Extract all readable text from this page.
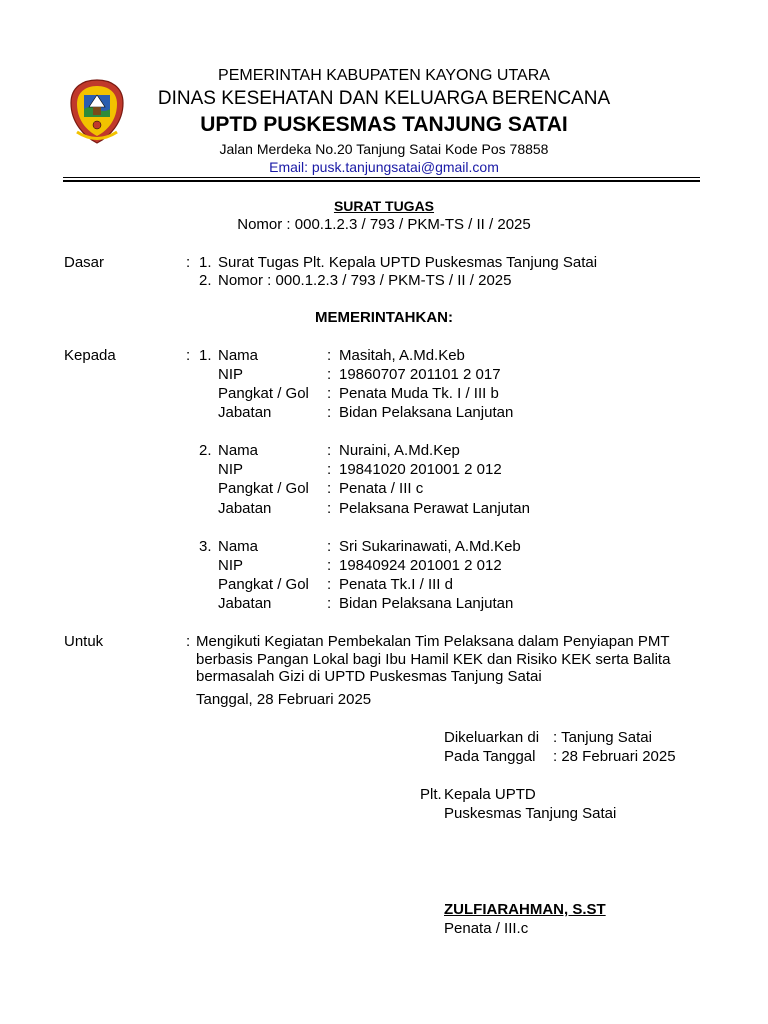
PEMERINTAH KABUPATEN KAYONG UTARA
DINAS KESEHATAN DAN KELUARGA BERENCANA
UPTD PUSKESMAS TANJUNG SATAI
Jalan Merdeka No.20 Tanjung Satai Kode Pos 78858
Email: pusk.tanjungsatai@gmail.com
SURAT TUGAS
Nomor : 000.1.2.3 / 793 / PKM-TS / II / 2025
Dasar	: 1. Surat Tugas Plt. Kepala UPTD Puskesmas Tanjung Satai
2. Nomor : 000.1.2.3 / 793 / PKM-TS / II / 2025
MEMERINTAHKAN:
Kepada	: 1. Nama	: Masitah, A.Md.Keb
NIP	: 19860707 201101 2 017
Pangkat / Gol : Penata Muda Tk. I / III b
Jabatan	: Bidan Pelaksana Lanjutan
2. Nama	: Nuraini, A.Md.Kep
NIP	: 19841020 201001 2 012
Pangkat / Gol : Penata / III c
Jabatan	: Pelaksana Perawat Lanjutan
3. Nama	: Sri Sukarinawati, A.Md.Keb
NIP	: 19840924 201001 2 012
Pangkat / Gol : Penata Tk.I / III d
Jabatan	: Bidan Pelaksana Lanjutan
Untuk	: Mengikuti Kegiatan Pembekalan Tim Pelaksana dalam Penyiapan PMT
berbasis Pangan Lokal bagi Ibu Hamil KEK dan Risiko KEK serta Balita
bermasalah Gizi di UPTD Puskesmas Tanjung Satai
Tanggal, 28 Februari 2025
Dikeluarkan di : Tanjung Satai
Pada Tanggal : 28 Februari 2025
Plt. Kepala UPTD
Puskesmas Tanjung Satai
ZULFIARAHMAN, S.ST
Penata / III.c
